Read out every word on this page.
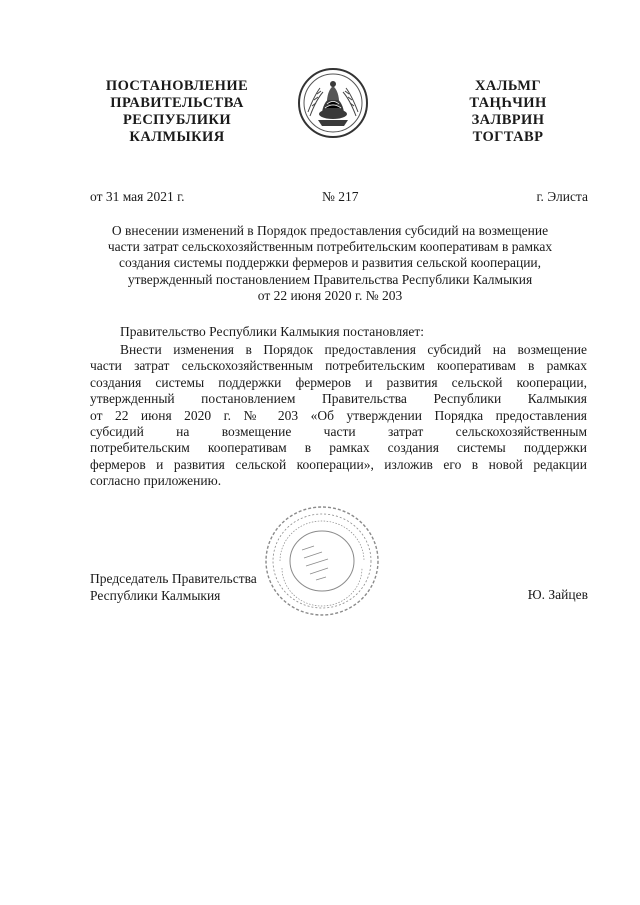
ПОСТАНОВЛЕНИЕ
ПРАВИТЕЛЬСТВА
РЕСПУБЛИКИ
КАЛМЫКИЯ
ХАЛЬМГ
ТАҢҺЧИН
ЗАЛВРИН
ТОГТАВР
от 31 мая 2021 г.	№ 217	г. Элиста
О внесении изменений в Порядок предоставления субсидий на возмещение
части затрат сельскохозяйственным потребительским кооперативам в рамках
создания системы поддержки фермеров и развития сельской кооперации,
утвержденный постановлением Правительства Республики Калмыкия
от 22 июня 2020 г. № 203
Правительство Республики Калмыкия постановляет:
Внести изменения в Порядок предоставления субсидий на возмещение
части затрат сельскохозяйственным потребительским кооперативам в рамках
создания системы поддержки фермеров и развития сельской кооперации,
утвержденный постановлением Правительства Республики Калмыкия
от 22 июня 2020 г. № 203 «Об утверждении Порядка предоставления
субсидий на возмещение части затрат сельскохозяйственным
потребительским кооперативам в рамках создания системы поддержки
фермеров и развития сельской кооперации», изложив его в новой редакции
согласно приложению.
Председатель Правительства
Республики Калмыкия	Ю. Зайцев
